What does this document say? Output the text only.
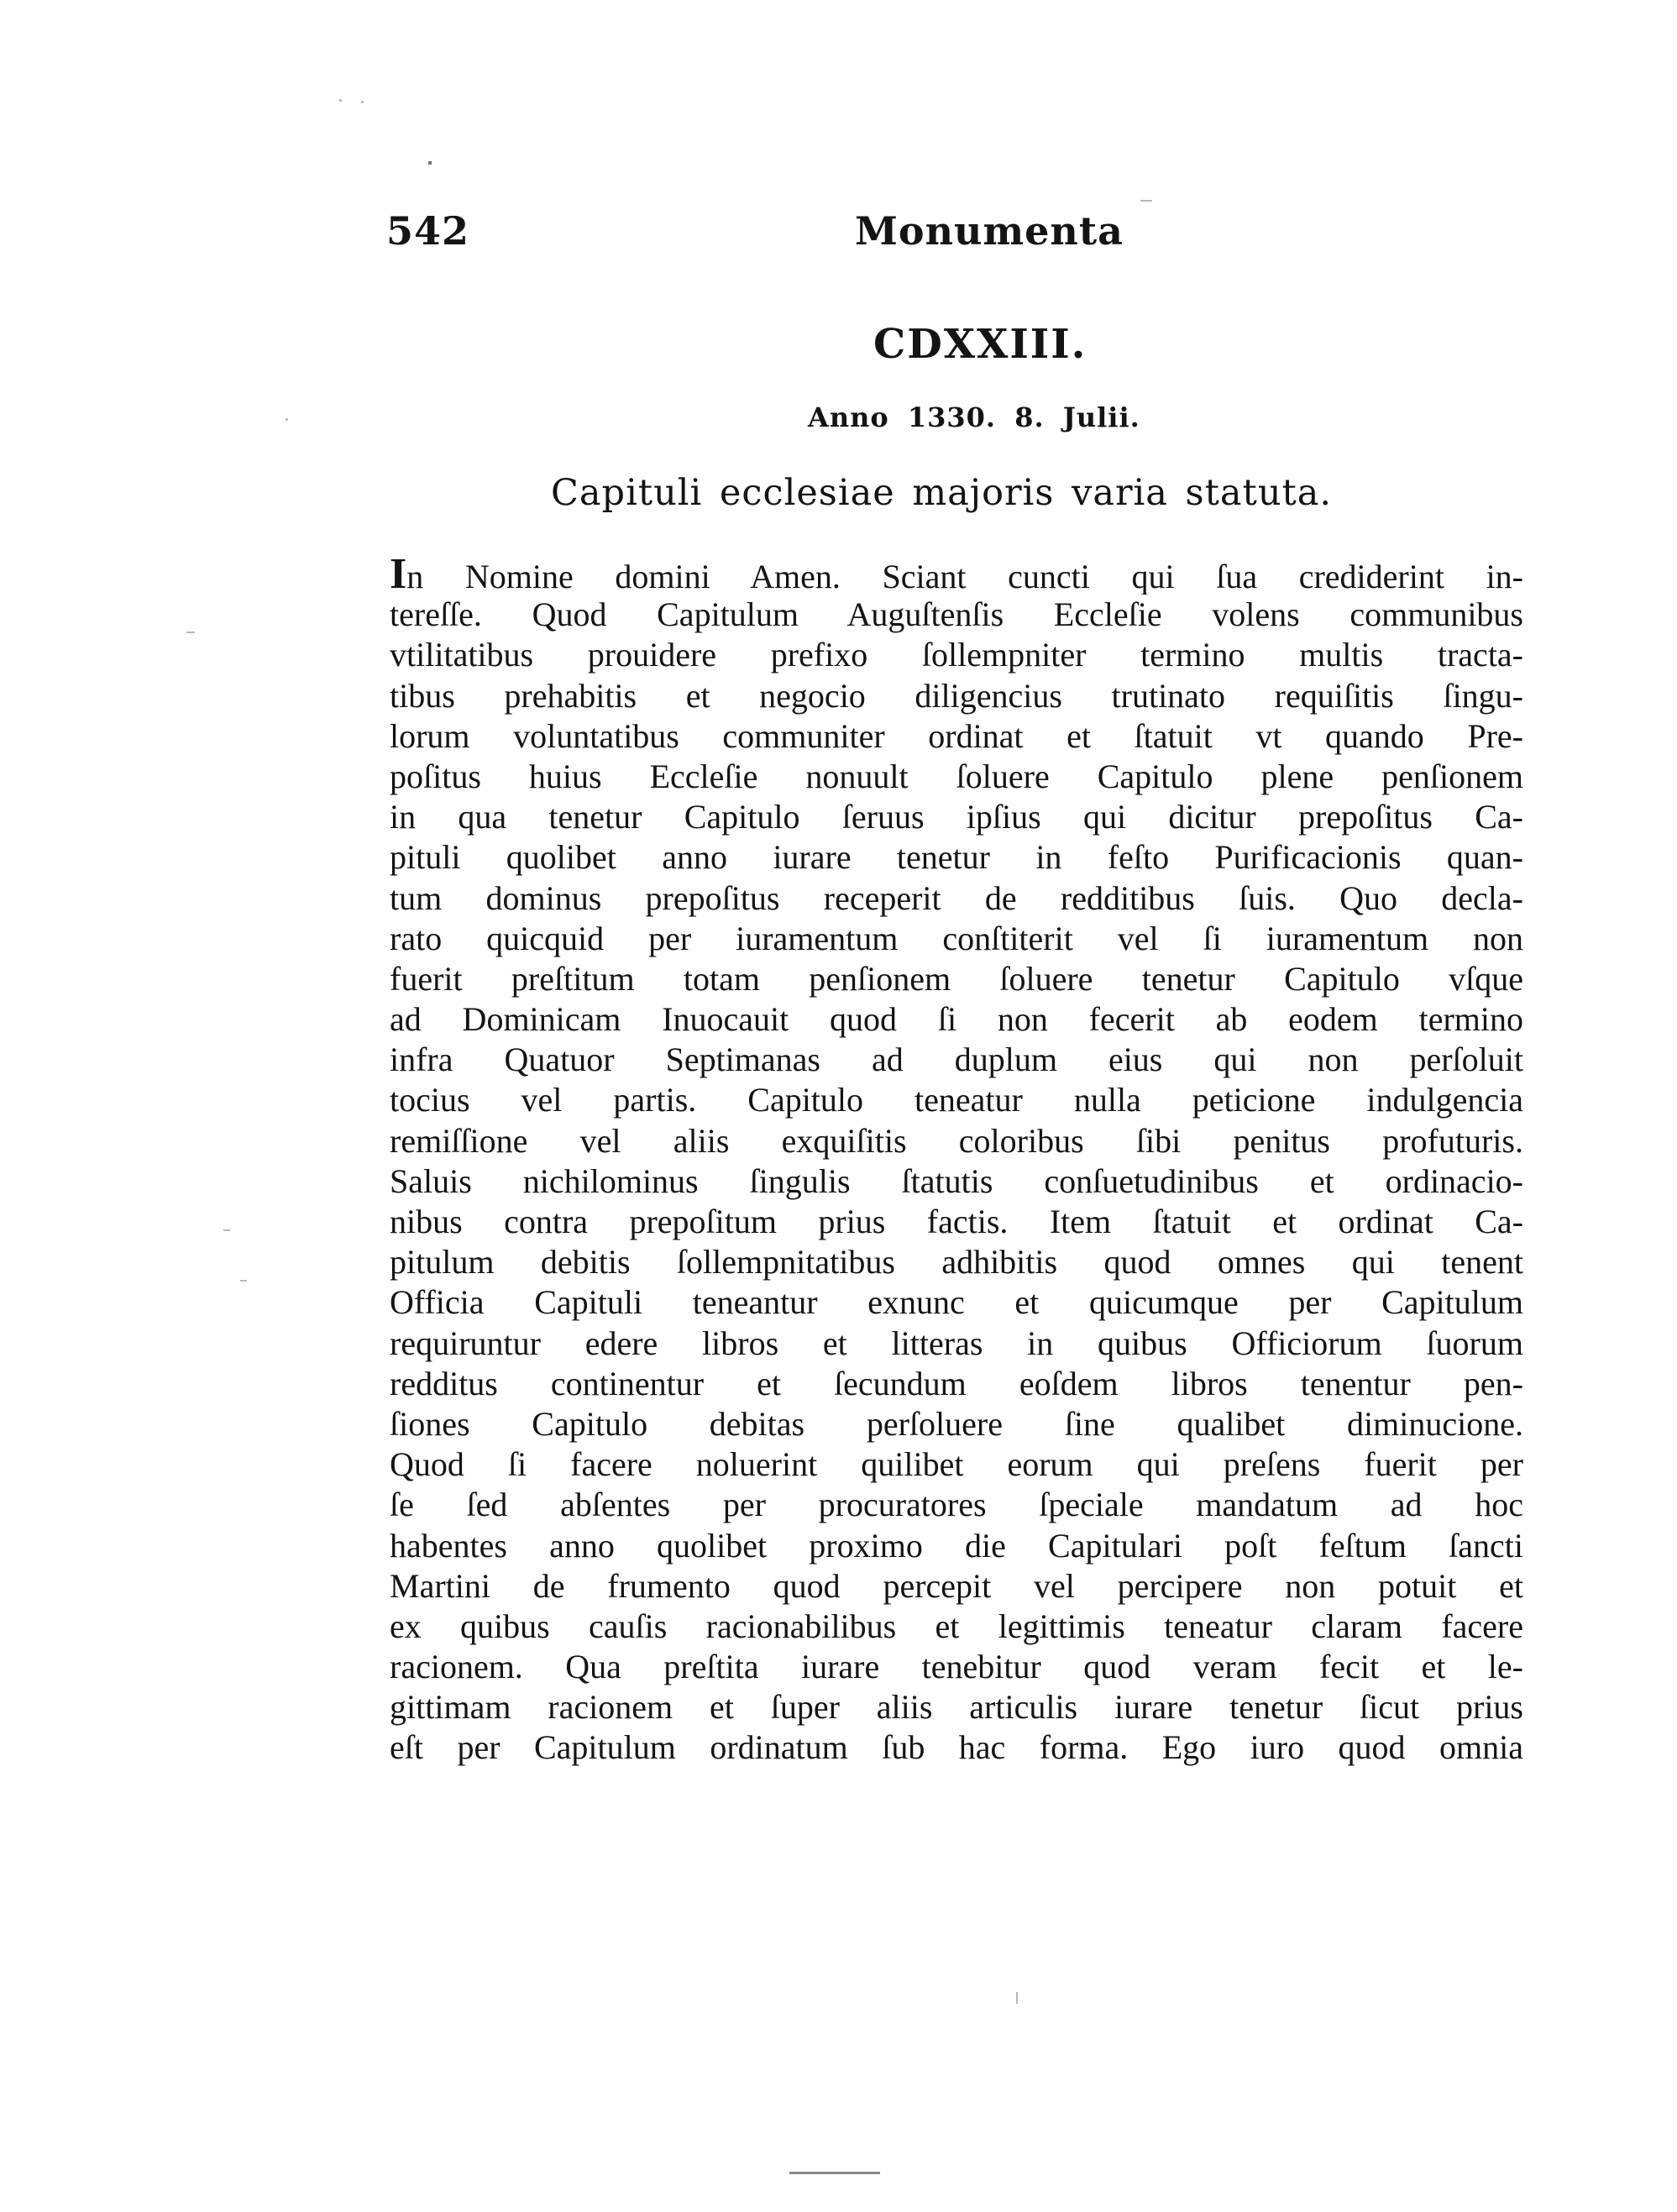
542	Monumenta
CDXXIII.
Anno 1330. 8. Julii.
Capituli ecclesiae majoris varia statuta.
In Nomine domini Amen. Sciant cuncti qui ſua crediderint in-
tereſſe. Quod Capitulum Auguſtenſis Eccleſie volens communibus
vtilitatibus prouidere prefixo ſollempniter termino multis tracta-
tibus prehabitis et negocio diligencius trutinato requiſitis ſingu-
lorum voluntatibus communiter ordinat et ſtatuit vt quando Pre-
poſitus huius Eccleſie nonuult ſoluere Capitulo plene penſionem
in qua tenetur Capitulo ſeruus ipſius qui dicitur prepoſitus Ca-
pituli quolibet anno iurare tenetur in feſto Purificacionis quan-
tum dominus prepoſitus receperit de redditibus ſuis. Quo decla-
rato quicquid per iuramentum conſtiterit vel ſi iuramentum non
fuerit preſtitum totam penſionem ſoluere tenetur Capitulo vſque
ad Dominicam Inuocauit quod ſi non fecerit ab eodem termino
infra Quatuor Septimanas ad duplum eius qui non perſoluit
tocius vel partis. Capitulo teneatur nulla peticione indulgencia
remiſſione vel aliis exquiſitis coloribus ſibi penitus profuturis.
Saluis nichilominus ſingulis ſtatutis conſuetudinibus et ordinacio-
nibus contra prepoſitum prius factis. Item ſtatuit et ordinat Ca-
pitulum debitis ſollempnitatibus adhibitis quod omnes qui tenent
Officia Capituli teneantur exnunc et quicumque per Capitulum
requiruntur edere libros et litteras in quibus Officiorum ſuorum
redditus continentur et ſecundum eoſdem libros tenentur pen-
ſiones Capitulo debitas perſoluere ſine qualibet diminucione.
Quod ſi facere noluerint quilibet eorum qui preſens fuerit per
ſe ſed abſentes per procuratores ſpeciale mandatum ad hoc
habentes anno quolibet proximo die Capitulari poſt feſtum ſancti
Martini de frumento quod percepit vel percipere non potuit et
ex quibus cauſis racionabilibus et legittimis teneatur claram facere
racionem. Qua preſtita iurare tenebitur quod veram fecit et le-
gittimam racionem et ſuper aliis articulis iurare tenetur ſicut prius
eſt per Capitulum ordinatum ſub hac forma. Ego iuro quod omnia
